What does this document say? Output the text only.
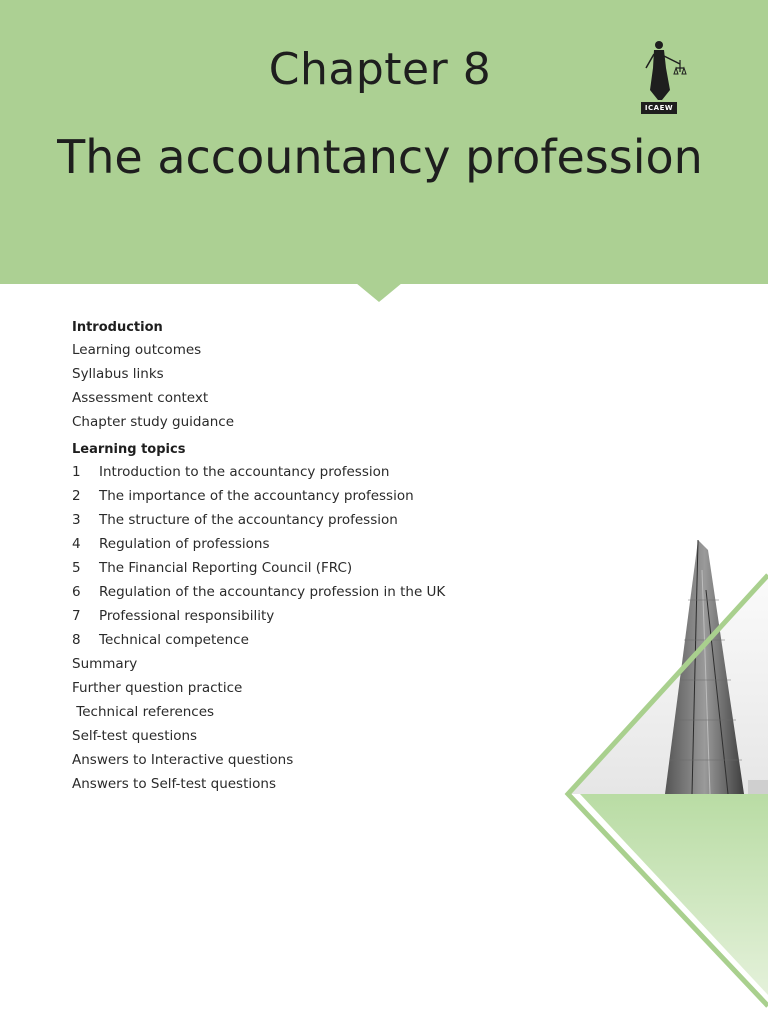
Chapter 8
The accountancy profession
ICAEW
Introduction
Learning outcomes
Syllabus links
Assessment context
Chapter study guidance
Learning topics
1 Introduction to the accountancy profession
2 The importance of the accountancy profession
3 The structure of the accountancy profession
4 Regulation of professions
5 The Financial Reporting Council (FRC)
6 Regulation of the accountancy profession in the UK
7 Professional responsibility
8 Technical competence
Summary
Further question practice
Technical references
Self-test questions
Answers to Interactive questions
Answers to Self-test questions
